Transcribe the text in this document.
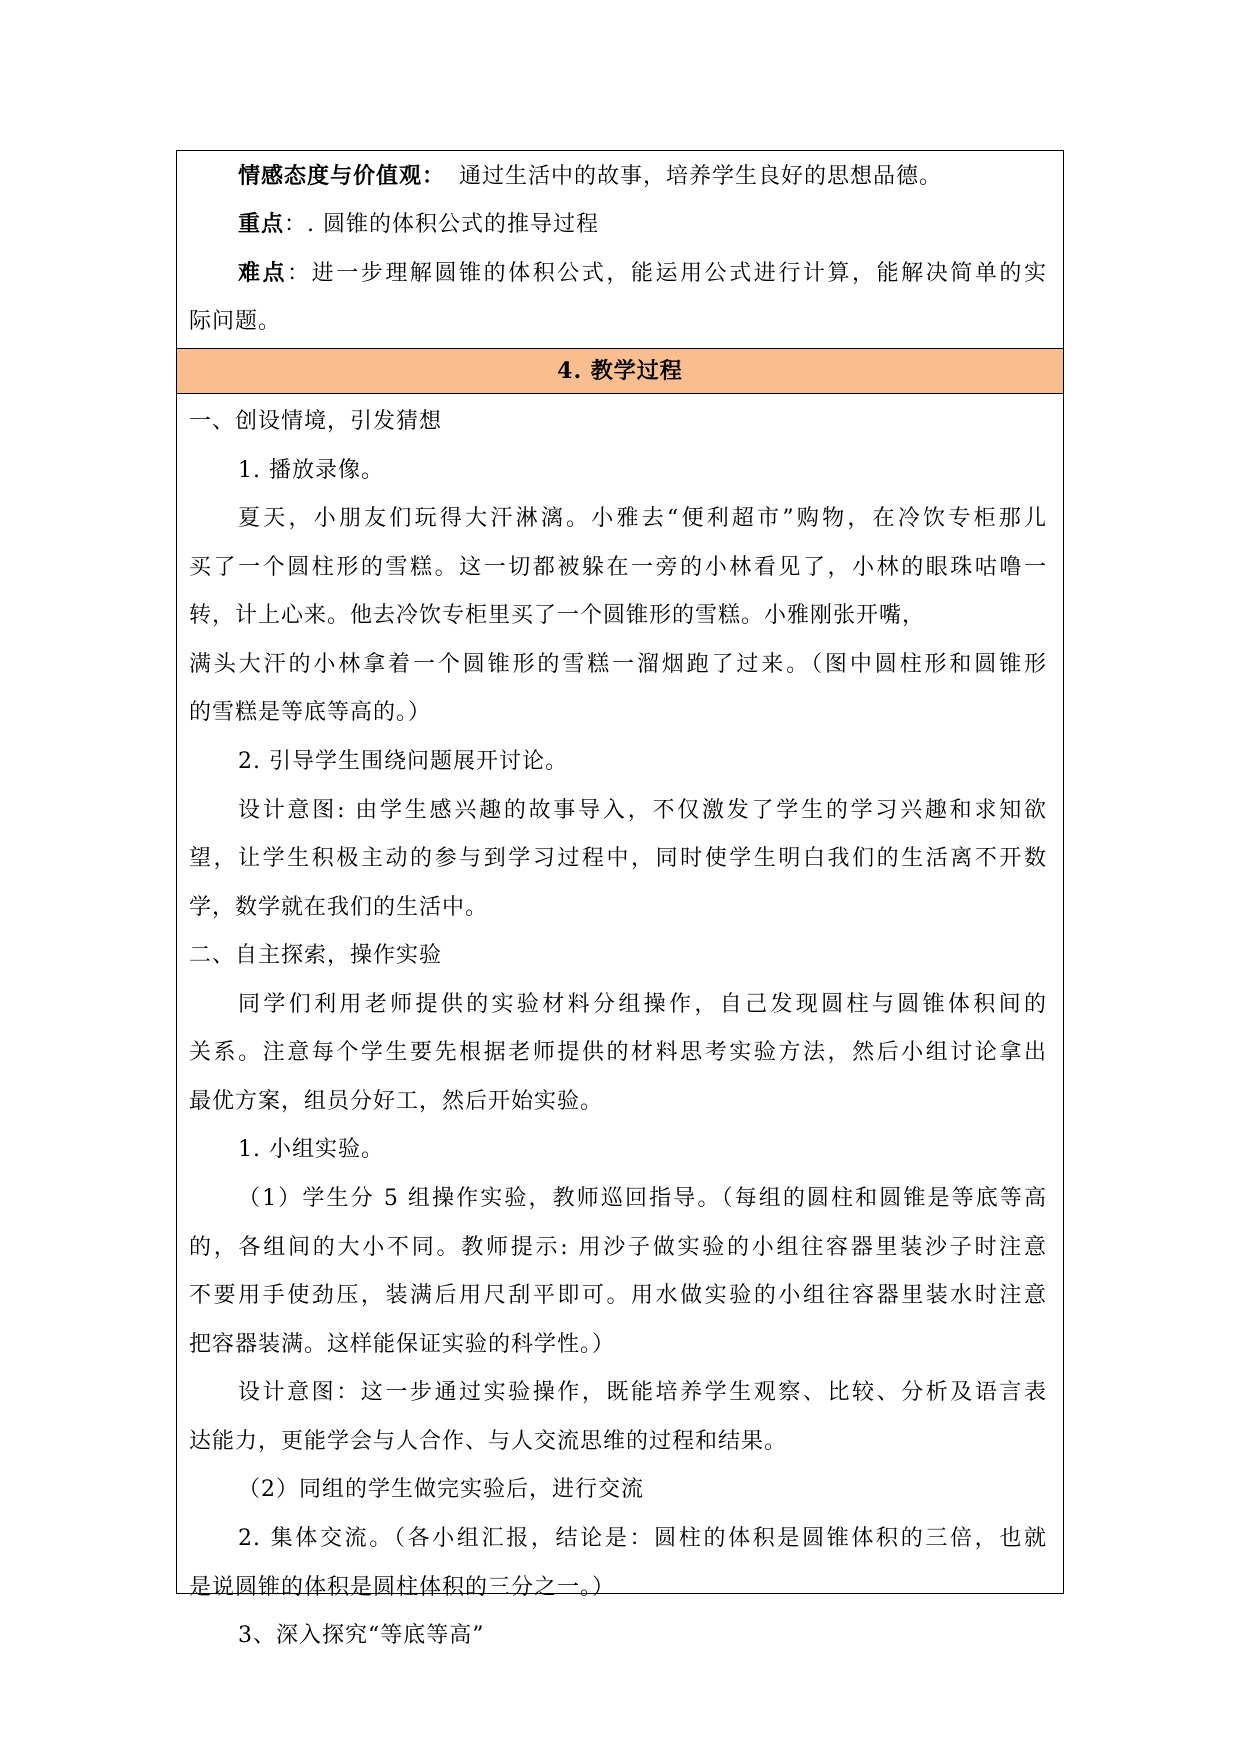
情感态度与价值观： 通过生活中的故事，培养学生良好的思想品德。
重点：. 圆锥的体积公式的推导过程
难点：进一步理解圆锥的体积公式，能运用公式进行计算，能解决简单的实
际问题。
4. 教学过程
一、创设情境，引发猜想
1. 播放录像。
夏天，小朋友们玩得大汗淋漓。小雅去“便利超市”购物，在冷饮专柜那儿
买了一个圆柱形的雪糕。这一切都被躲在一旁的小林看见了，小林的眼珠咕噜一
转，计上心来。他去冷饮专柜里买了一个圆锥形的雪糕。小雅刚张开嘴，
满头大汗的小林拿着一个圆锥形的雪糕一溜烟跑了过来。（图中圆柱形和圆锥形
的雪糕是等底等高的。）
2. 引导学生围绕问题展开讨论。
设计意图: 由学生感兴趣的故事导入，不仅激发了学生的学习兴趣和求知欲
望，让学生积极主动的参与到学习过程中，同时使学生明白我们的生活离不开数
学，数学就在我们的生活中。
二、自主探索，操作实验
同学们利用老师提供的实验材料分组操作，自己发现圆柱与圆锥体积间的
关系。注意每个学生要先根据老师提供的材料思考实验方法，然后小组讨论拿出
最优方案，组员分好工，然后开始实验。
1. 小组实验。
（1）学生分 5 组操作实验，教师巡回指导。（每组的圆柱和圆锥是等底等高
的，各组间的大小不同。教师提示: 用沙子做实验的小组往容器里装沙子时注意
不要用手使劲压，装满后用尺刮平即可。用水做实验的小组往容器里装水时注意
把容器装满。这样能保证实验的科学性。）
设计意图：这一步通过实验操作，既能培养学生观察、比较、分析及语言表
达能力，更能学会与人合作、与人交流思维的过程和结果。
（2）同组的学生做完实验后，进行交流
2. 集体交流。（各小组汇报，结论是：圆柱的体积是圆锥体积的三倍，也就
是说圆锥的体积是圆柱体积的三分之一。）
3、深入探究“等底等高”
